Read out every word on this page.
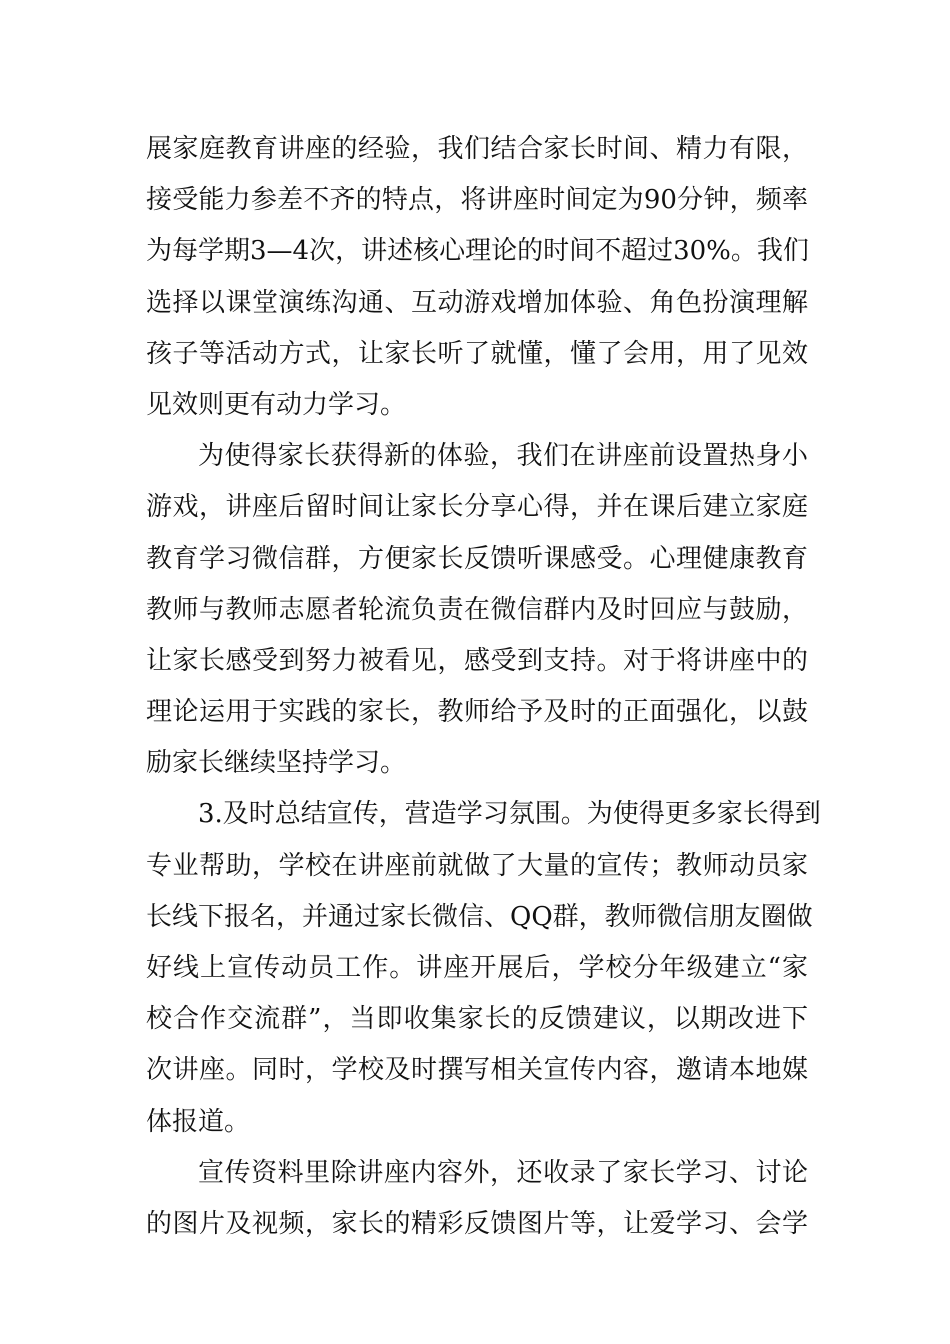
展家庭教育讲座的经验，我们结合家长时间、精力有限，
接受能力参差不齐的特点，将讲座时间定为90分钟，频率
为每学期3—4次，讲述核心理论的时间不超过30%。我们
选择以课堂演练沟通、互动游戏增加体验、角色扮演理解
孩子等活动方式，让家长听了就懂，懂了会用，用了见效
见效则更有动力学习。
为使得家长获得新的体验，我们在讲座前设置热身小
游戏，讲座后留时间让家长分享心得，并在课后建立家庭
教育学习微信群，方便家长反馈听课感受。心理健康教育
教师与教师志愿者轮流负责在微信群内及时回应与鼓励，
让家长感受到努力被看见，感受到支持。对于将讲座中的
理论运用于实践的家长，教师给予及时的正面强化，以鼓
励家长继续坚持学习。
3.及时总结宣传，营造学习氛围。为使得更多家长得到
专业帮助，学校在讲座前就做了大量的宣传；教师动员家
长线下报名，并通过家长微信、QQ群，教师微信朋友圈做
好线上宣传动员工作。讲座开展后，学校分年级建立“家
校合作交流群”，当即收集家长的反馈建议，以期改进下
次讲座。同时，学校及时撰写相关宣传内容，邀请本地媒
体报道。
宣传资料里除讲座内容外，还收录了家长学习、讨论
的图片及视频，家长的精彩反馈图片等，让爱学习、会学
